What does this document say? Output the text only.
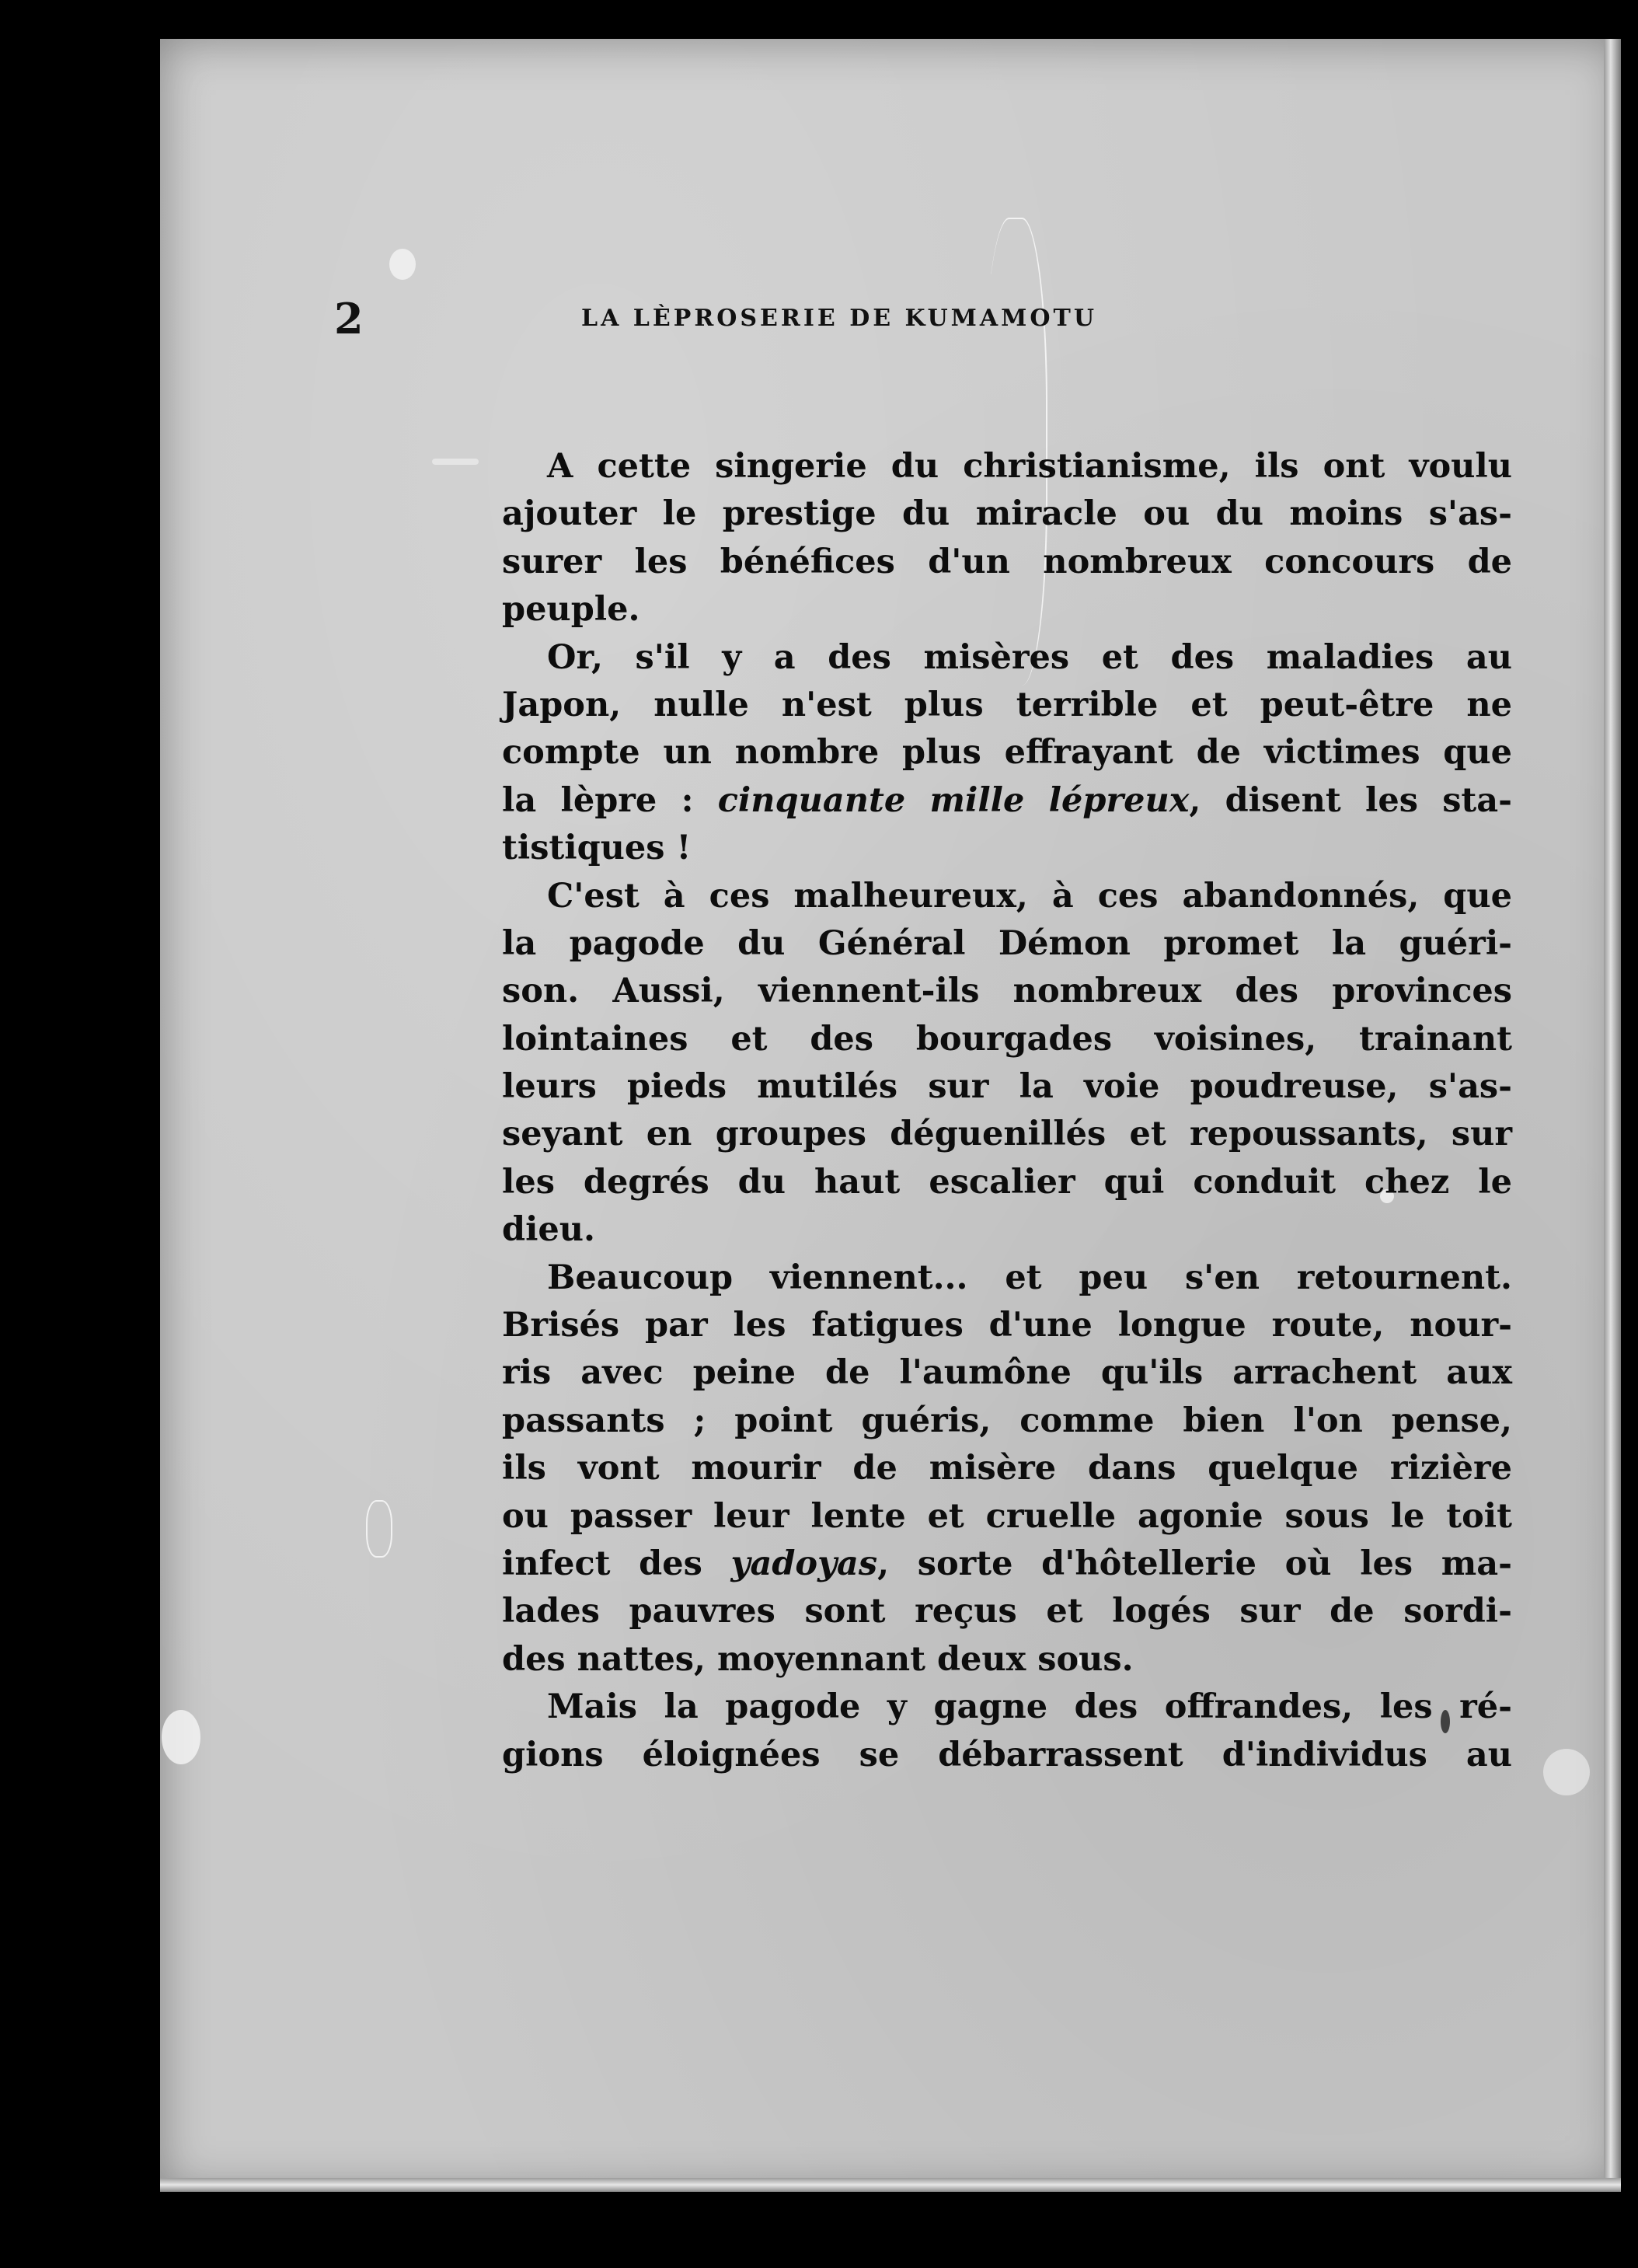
2	LA LÈPROSERIE DE KUMAMOTU
A cette singerie du christianisme, ils ont voulu
ajouter le prestige du miracle ou du moins s'as-
surer les bénéfices d'un nombreux concours de
peuple.
Or, s'il y a des misères et des maladies au
Japon, nulle n'est plus terrible et peut-être ne
compte un nombre plus effrayant de victimes que
la lèpre : cinquante mille lépreux, disent les sta-
tistiques !
C'est à ces malheureux, à ces abandonnés, que
la pagode du Général Démon promet la guéri-
son. Aussi, viennent-ils nombreux des provinces
lointaines et des bourgades voisines, trainant
leurs pieds mutilés sur la voie poudreuse, s'as-
seyant en groupes déguenillés et repoussants, sur
les degrés du haut escalier qui conduit chez le
dieu.
Beaucoup viennent... et peu s'en retournent.
Brisés par les fatigues d'une longue route, nour-
ris avec peine de l'aumône qu'ils arrachent aux
passants ; point guéris, comme bien l'on pense,
ils vont mourir de misère dans quelque rizière
ou passer leur lente et cruelle agonie sous le toit
infect des yadoyas, sorte d'hôtellerie où les ma-
lades pauvres sont reçus et logés sur de sordi-
des nattes, moyennant deux sous.
Mais la pagode y gagne des offrandes, les ré-
gions éloignées se débarrassent d'individus au
